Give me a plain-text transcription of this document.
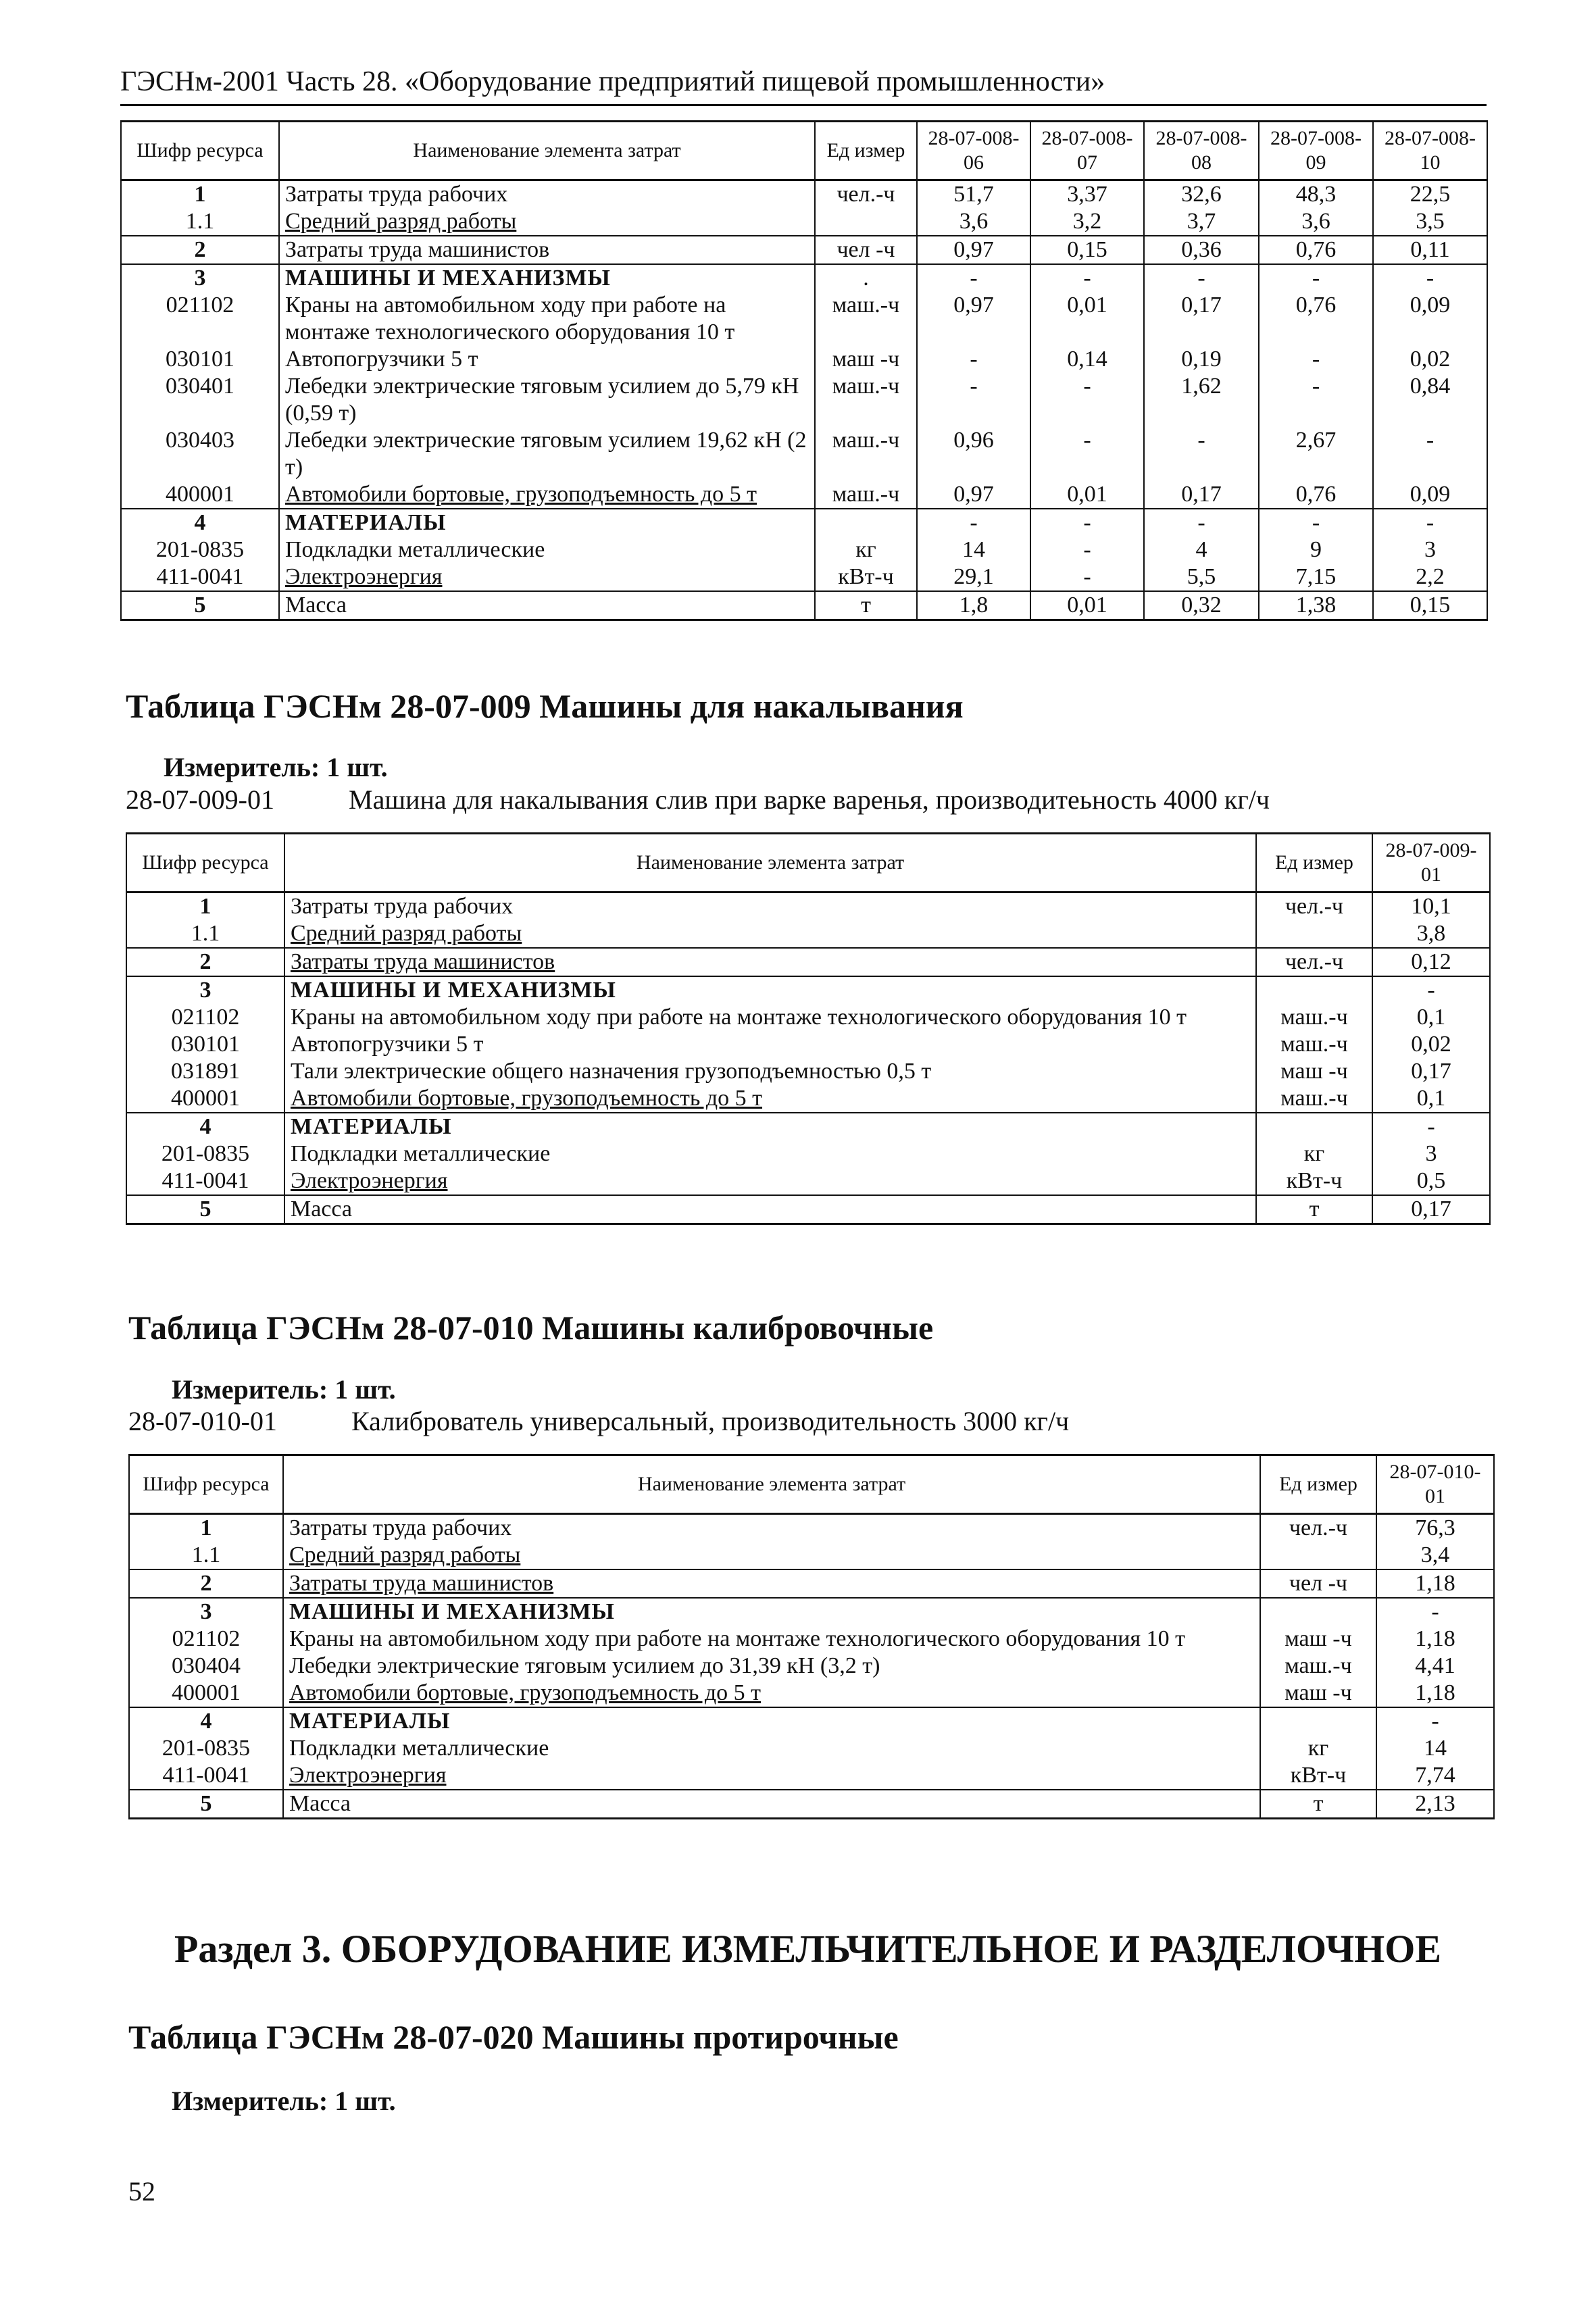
ГЭСНм-2001 Часть 28. «Оборудование предприятий пищевой промышленности»
Шифр ресурса	Наименование элемента затрат	Ед измер	28-07-008-06	28-07-008-07	28-07-008-08	28-07-008-09	28-07-008-10
1	Затраты труда рабочих	чел.-ч	51,7	3,37	32,6	48,3	22,5
1.1	Средний разряд работы		3,6	3,2	3,7	3,6	3,5
2	Затраты труда машинистов	чел -ч	0,97	0,15	0,36	0,76	0,11
3	МАШИНЫ И МЕХАНИЗМЫ	.	-	-	-	-	-
021102	Краны на автомобильном ходу при работе на монтаже технологического оборудования 10 т	маш.-ч	0,97	0,01	0,17	0,76	0,09
030101	Автопогрузчики 5 т	маш -ч	-	0,14	0,19	-	0,02
030401	Лебедки электрические тяговым усилием до 5,79 кН (0,59 т)	маш.-ч	-	-	1,62	-	0,84
030403	Лебедки электрические тяговым усилием 19,62 кН (2 т)	маш.-ч	0,96	-	-	2,67	-
400001	Автомобили бортовые, грузоподъемность до 5 т	маш.-ч	0,97	0,01	0,17	0,76	0,09
4	МАТЕРИАЛЫ		-	-	-	-	-
201-0835	Подкладки металлические	кг	14	-	4	9	3
411-0041	Электроэнергия	кВт-ч	29,1	-	5,5	7,15	2,2
5	Масса	т	1,8	0,01	0,32	1,38	0,15
Таблица ГЭСНм 28-07-009 Машины для накалывания
Измеритель: 1 шт.
28-07-009-01	Машина для накалывания слив при варке варенья, производитеьность 4000 кг/ч
Шифр ресурса	Наименование элемента затрат	Ед измер	28-07-009-01
1	Затраты труда рабочих	чел.-ч	10,1
1.1	Средний разряд работы		3,8
2	Затраты труда машинистов	чел.-ч	0,12
3	МАШИНЫ И МЕХАНИЗМЫ		-
021102	Краны на автомобильном ходу при работе на монтаже технологического оборудования 10 т	маш.-ч	0,1
030101	Автопогрузчики 5 т	маш.-ч	0,02
031891	Тали электрические общего назначения грузоподъемностью 0,5 т	маш -ч	0,17
400001	Автомобили бортовые, грузоподъемность до 5 т	маш.-ч	0,1
4	МАТЕРИАЛЫ		-
201-0835	Подкладки металлические	кг	3
411-0041	Электроэнергия	кВт-ч	0,5
5	Масса	т	0,17
Таблица ГЭСНм 28-07-010 Машины калибровочные
Измеритель: 1 шт.
28-07-010-01	Калиброватель универсальный, производительность 3000 кг/ч
Шифр ресурса	Наименование элемента затрат	Ед измер	28-07-010-01
1	Затраты труда рабочих	чел.-ч	76,3
1.1	Средний разряд работы		3,4
2	Затраты труда машинистов	чел -ч	1,18
3	МАШИНЫ И МЕХАНИЗМЫ		-
021102	Краны на автомобильном ходу при работе на монтаже технологического оборудования 10 т	маш -ч	1,18
030404	Лебедки электрические тяговым усилием до 31,39 кН (3,2 т)	маш.-ч	4,41
400001	Автомобили бортовые, грузоподъемность до 5 т	маш -ч	1,18
4	МАТЕРИАЛЫ		-
201-0835	Подкладки металлические	кг	14
411-0041	Электроэнергия	кВт-ч	7,74
5	Масса	т	2,13
Раздел 3. ОБОРУДОВАНИЕ ИЗМЕЛЬЧИТЕЛЬНОЕ И РАЗДЕЛОЧНОЕ
Таблица ГЭСНм 28-07-020 Машины протирочные
Измеритель: 1 шт.
52
